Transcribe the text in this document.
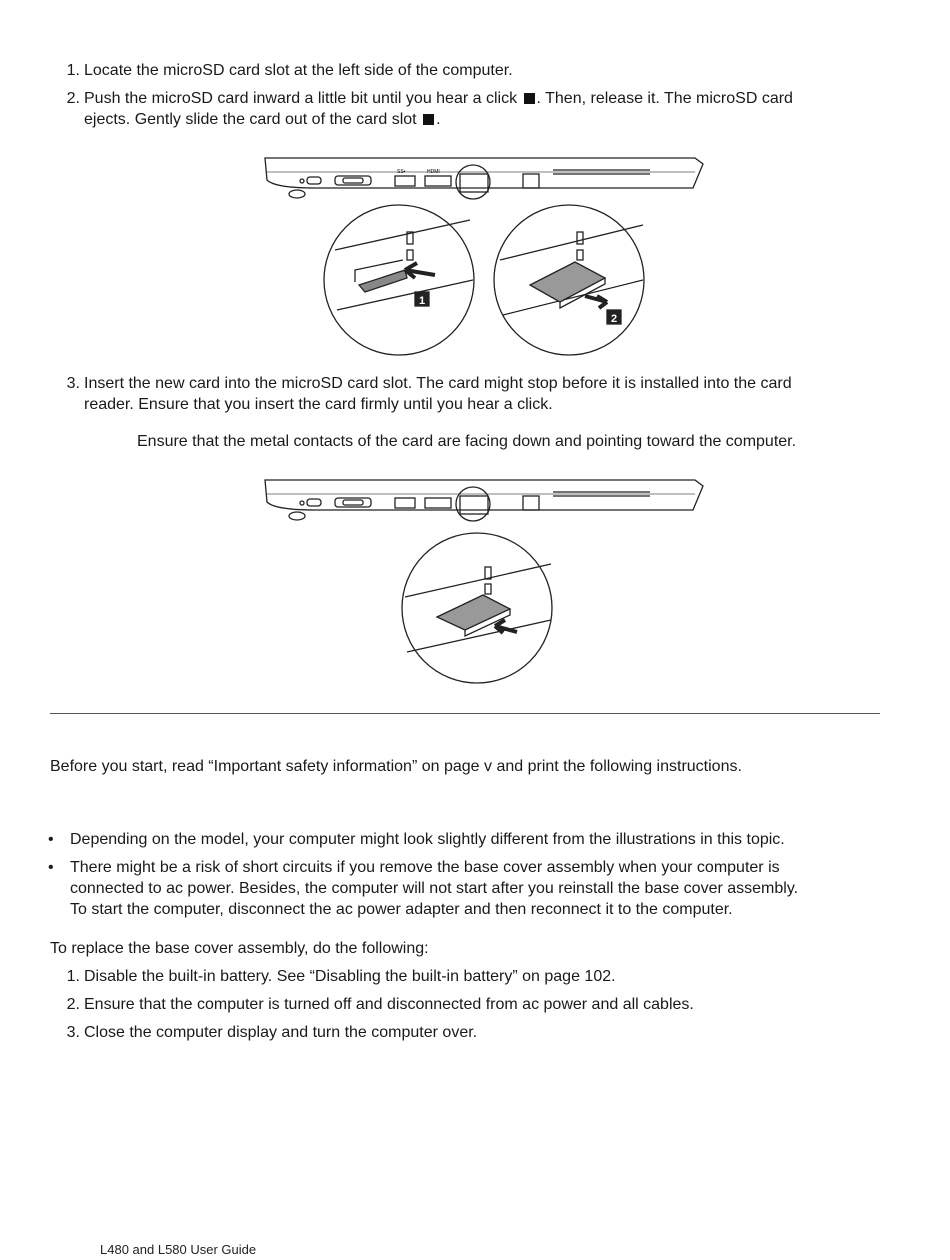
1. Locate the microSD card slot at the left side of the computer.
2. Push the microSD card inward a little bit until you hear a click . Then, release it. The microSD card
ejects. Gently slide the card out of the card slot .
SS•	HDMI
1
2
3. Insert the new card into the microSD card slot. The card might stop before it is installed into the card
reader. Ensure that you insert the card firmly until you hear a click.
Ensure that the metal contacts of the card are facing down and pointing toward the computer.
Before you start, read “Important safety information” on page v and print the following instructions.
• Depending on the model, your computer might look slightly different from the illustrations in this topic.
• There might be a risk of short circuits if you remove the base cover assembly when your computer is
connected to ac power. Besides, the computer will not start after you reinstall the base cover assembly.
To start the computer, disconnect the ac power adapter and then reconnect it to the computer.
To replace the base cover assembly, do the following:
1. Disable the built-in battery. See “Disabling the built-in battery” on page 102.
2. Ensure that the computer is turned off and disconnected from ac power and all cables.
3. Close the computer display and turn the computer over.
L480 and L580 User Guide
